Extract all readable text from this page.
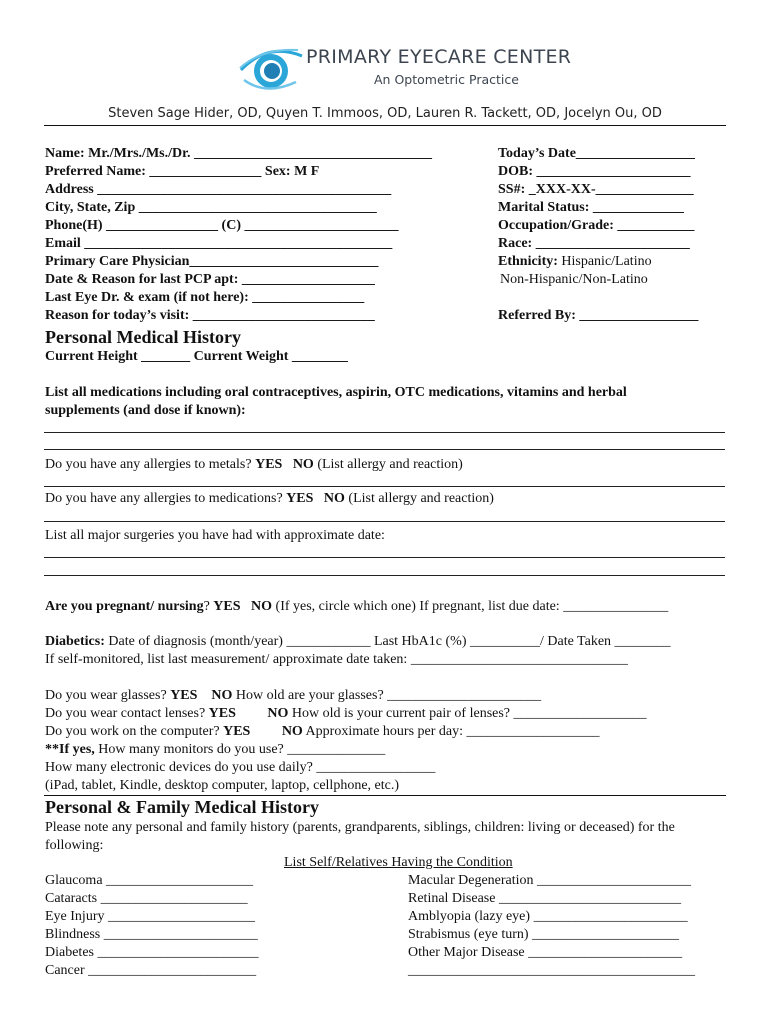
PRIMARY EYECARE CENTER
An Optometric Practice
Steven Sage Hider, OD, Quyen T. Immoos, OD, Lauren R. Tackett, OD, Jocelyn Ou, OD
Name: Mr./Mrs./Ms./Dr. __________________________________
Preferred Name: ________________ Sex: M F
Address __________________________________________
City, State, Zip __________________________________
Phone(H) ________________ (C) ______________________
Email ____________________________________________
Primary Care Physician___________________________
Date & Reason for last PCP apt: ___________________
Last Eye Dr. & exam (if not here): ________________
Reason for today’s visit: __________________________
Today’s Date_________________
DOB: ______________________
SS#: _XXX-XX-______________
Marital Status: _____________
Occupation/Grade: ___________
Race: ______________________
Ethnicity: Hispanic/Latino
Non-Hispanic/Non-Latino
Referred By: _________________
Personal Medical History
Current Height _______ Current Weight ________
List all medications including oral contraceptives, aspirin, OTC medications, vitamins and herbal
supplements (and dose if known):
Do you have any allergies to metals? YES NO (List allergy and reaction)
Do you have any allergies to medications? YES NO (List allergy and reaction)
List all major surgeries you have had with approximate date:
Are you pregnant/ nursing? YES NO (If yes, circle which one) If pregnant, list due date: _______________
Diabetics: Date of diagnosis (month/year) ____________ Last HbA1c (%) __________/ Date Taken ________
If self-monitored, list last measurement/ approximate date taken: _______________________________
Do you wear glasses? YES NO How old are your glasses? ______________________
Do you wear contact lenses? YES NO How old is your current pair of lenses? ___________________
Do you work on the computer? YES NO Approximate hours per day: ___________________
**If yes, How many monitors do you use? ______________
How many electronic devices do you use daily? _________________
(iPad, tablet, Kindle, desktop computer, laptop, cellphone, etc.)
Personal & Family Medical History
Please note any personal and family history (parents, grandparents, siblings, children: living or deceased) for the
following:
List Self/Relatives Having the Condition
Glaucoma _____________________
Cataracts _____________________
Eye Injury _____________________
Blindness ______________________
Diabetes _______________________
Cancer ________________________
Macular Degeneration ______________________
Retinal Disease __________________________
Amblyopia (lazy eye) ______________________
Strabismus (eye turn) _____________________
Other Major Disease ______________________
_________________________________________
